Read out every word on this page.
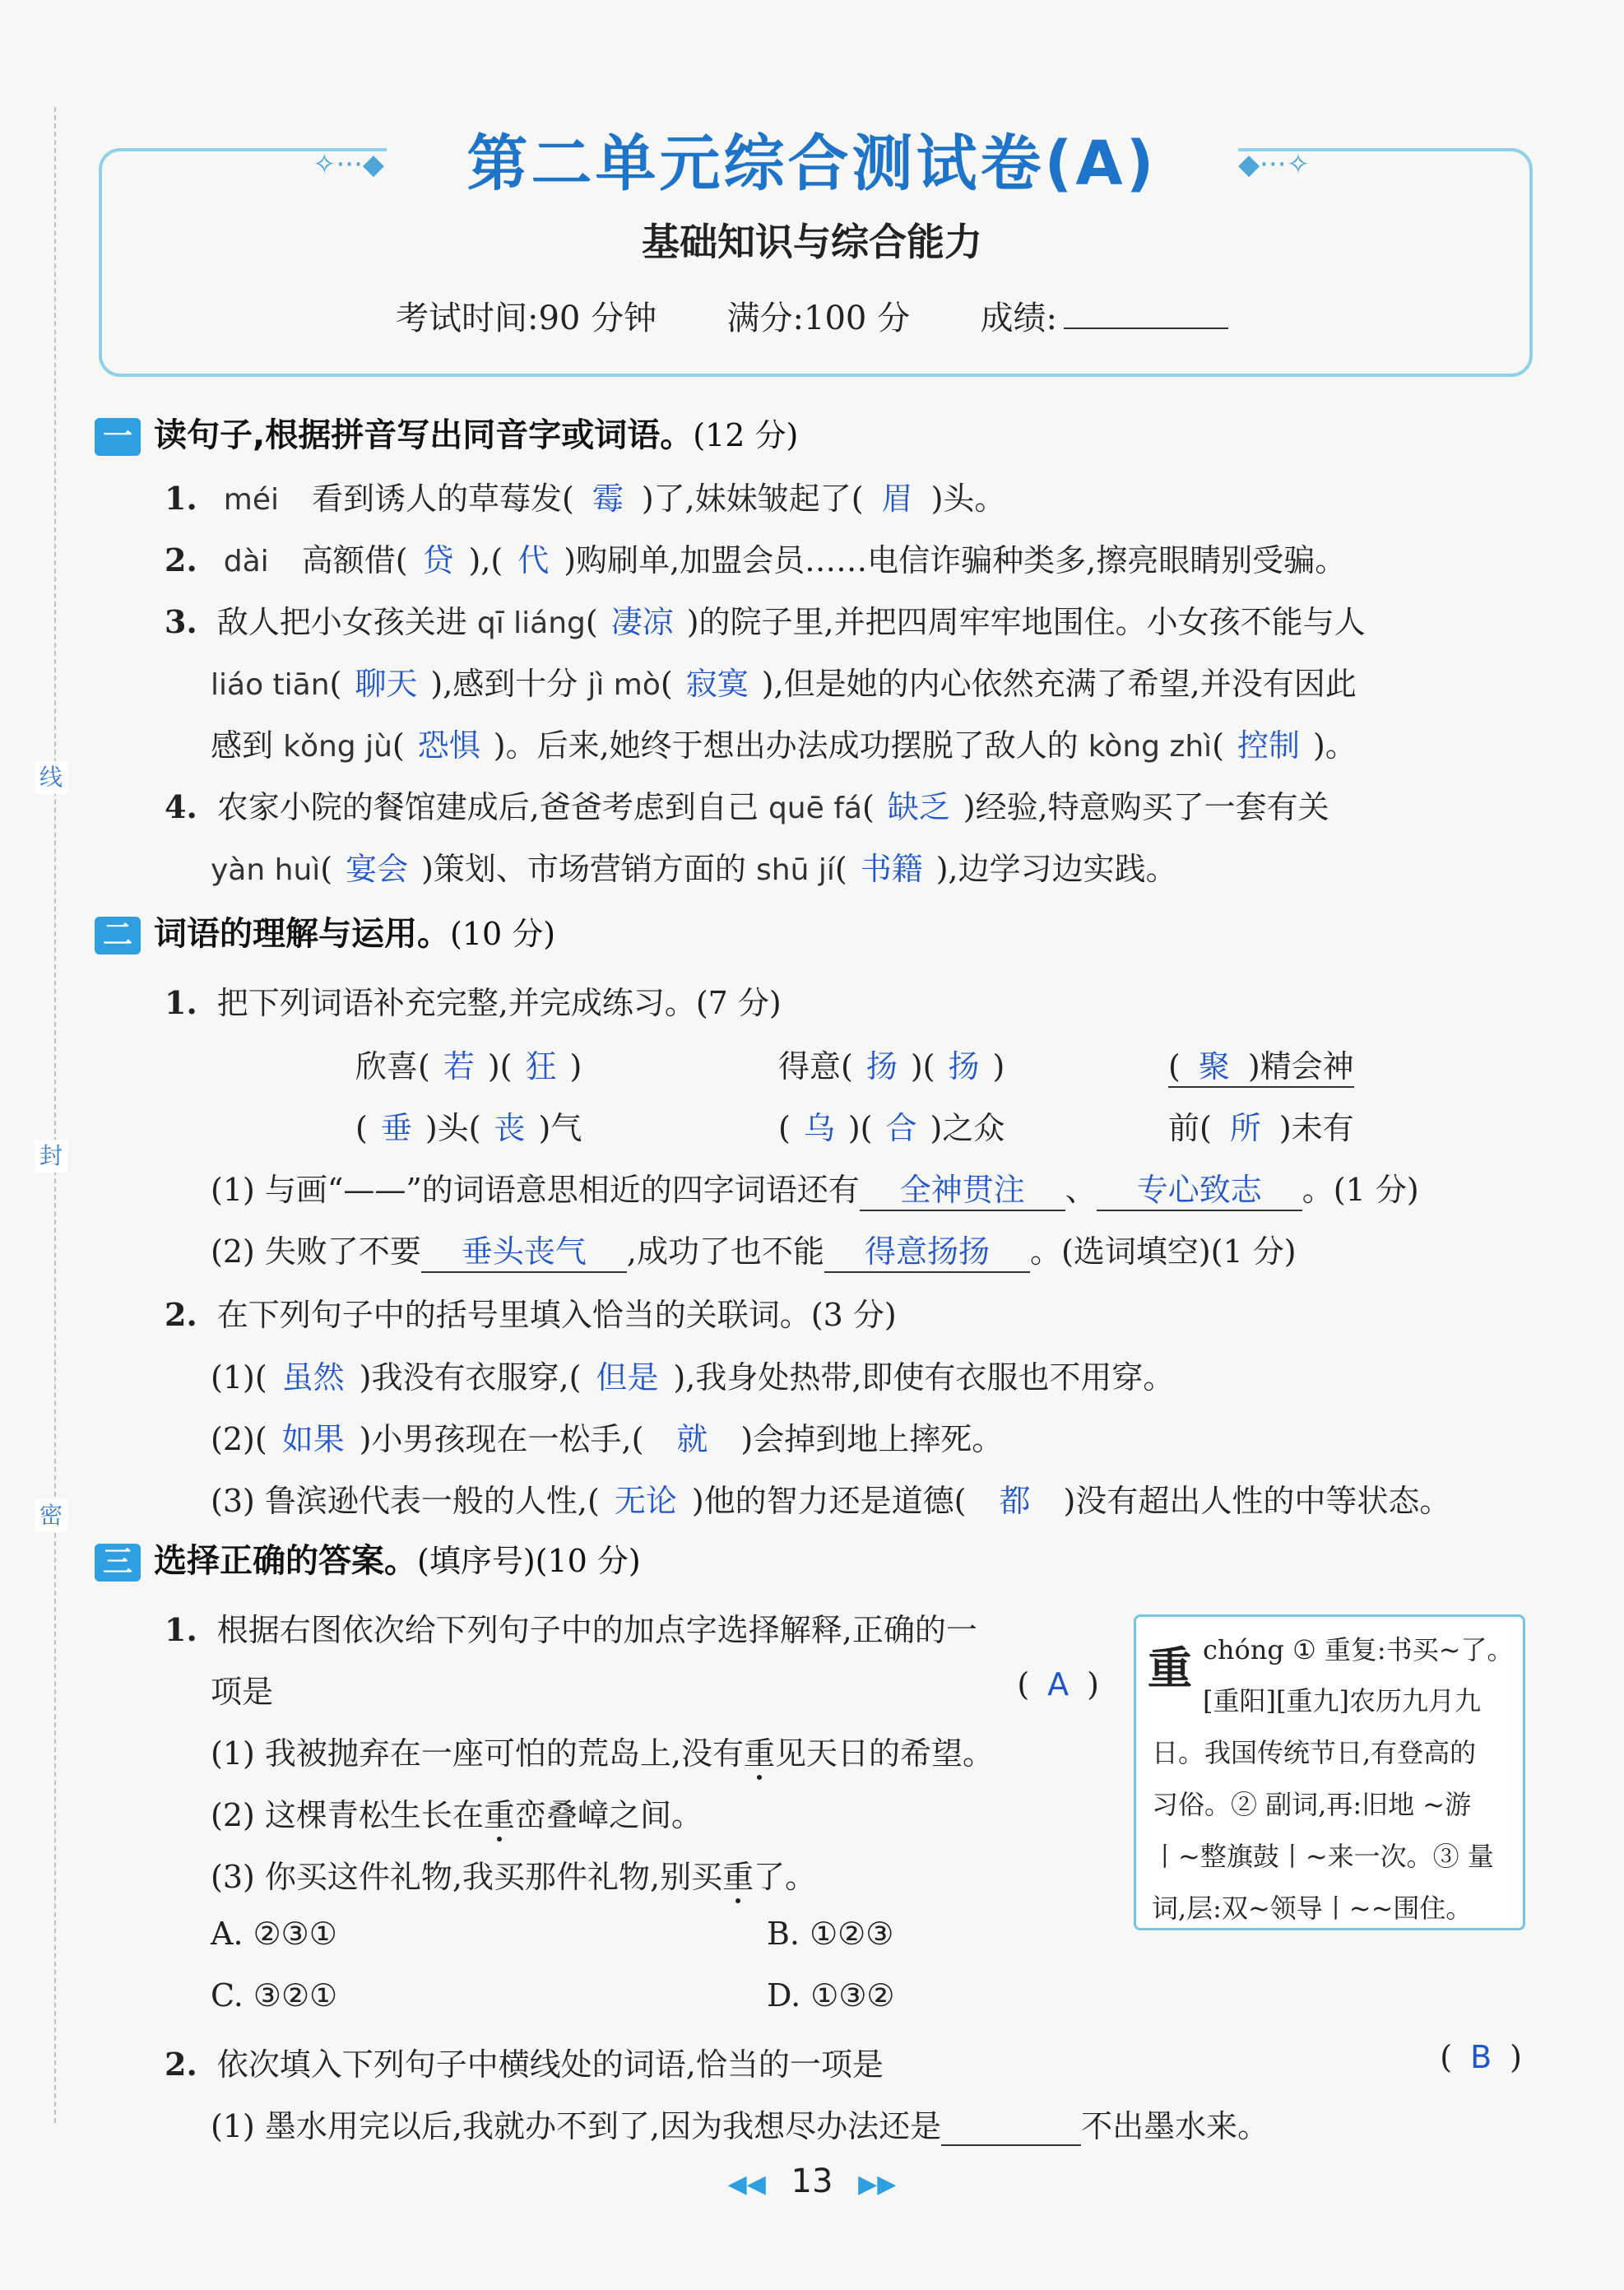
线
封
密
✧···◆	◆···✧
第二单元综合测试卷(A)
基础知识与综合能力
考试时间:90 分钟 满分:100 分 成绩:
一 读句子,根据拼音写出同音字或词语。(12 分)
1. méi 看到诱人的草莓发( 霉 )了,妹妹皱起了( 眉 )头。
2. dài 高额借( 贷 ),( 代 )购刷单,加盟会员……电信诈骗种类多,擦亮眼睛别受骗。
3. 敌人把小女孩关进 qī liáng( 凄凉 )的院子里,并把四周牢牢地围住。小女孩不能与人
liáo tiān( 聊天 ),感到十分 jì mò( 寂寞 ),但是她的内心依然充满了希望,并没有因此
感到 kǒng jù( 恐惧 )。后来,她终于想出办法成功摆脱了敌人的 kòng zhì( 控制 )。
4. 农家小院的餐馆建成后,爸爸考虑到自己 quē fá( 缺乏 )经验,特意购买了一套有关
yàn huì( 宴会 )策划、市场营销方面的 shū jí( 书籍 ),边学习边实践。
二 词语的理解与运用。(10 分)
1. 把下列词语补充完整,并完成练习。(7 分)
欣喜( 若 )( 狂 )	得意( 扬 )( 扬 )	( 聚 )精会神
( 垂 )头( 丧 )气	( 乌 )( 合 )之众	前( 所 )未有
(1) 与画“——”的词语意思相近的四字词语还有 全神贯注 、 专心致志 。(1 分)
(2) 失败了不要 垂头丧气 ,成功了也不能 得意扬扬 。(选词填空)(1 分)
2. 在下列句子中的括号里填入恰当的关联词。(3 分)
(1)( 虽然 )我没有衣服穿,( 但是 ),我身处热带,即使有衣服也不用穿。
(2)( 如果 )小男孩现在一松手,( 就 )会掉到地上摔死。
(3) 鲁滨逊代表一般的人性,( 无论 )他的智力还是道德( 都 )没有超出人性的中等状态。
三 选择正确的答案。(填序号)(10 分)
1. 根据右图依次给下列句子中的加点字选择解释,正确的一
项是	( A )
(1) 我被抛弃在一座可怕的荒岛上,没有重见天日的希望。
(2) 这棵青松生长在重峦叠嶂之间。
(3) 你买这件礼物,我买那件礼物,别买重了。
A. ②③①	B. ①②③
C. ③②①	D. ①③②
重 chóng ① 重复:书买~了。
[重阳][重九]农历九月九
日。我国传统节日,有登高的
习俗。② 副词,再:旧地 ~游
丨~整旗鼓丨~来一次。③ 量
词,层:双~领导丨~~围住。
2. 依次填入下列句子中横线处的词语,恰当的一项是	( B )
(1) 墨水用完以后,我就办不到了,因为我想尽办法还是	不出墨水来。
◀◀ 13 ▶▶
